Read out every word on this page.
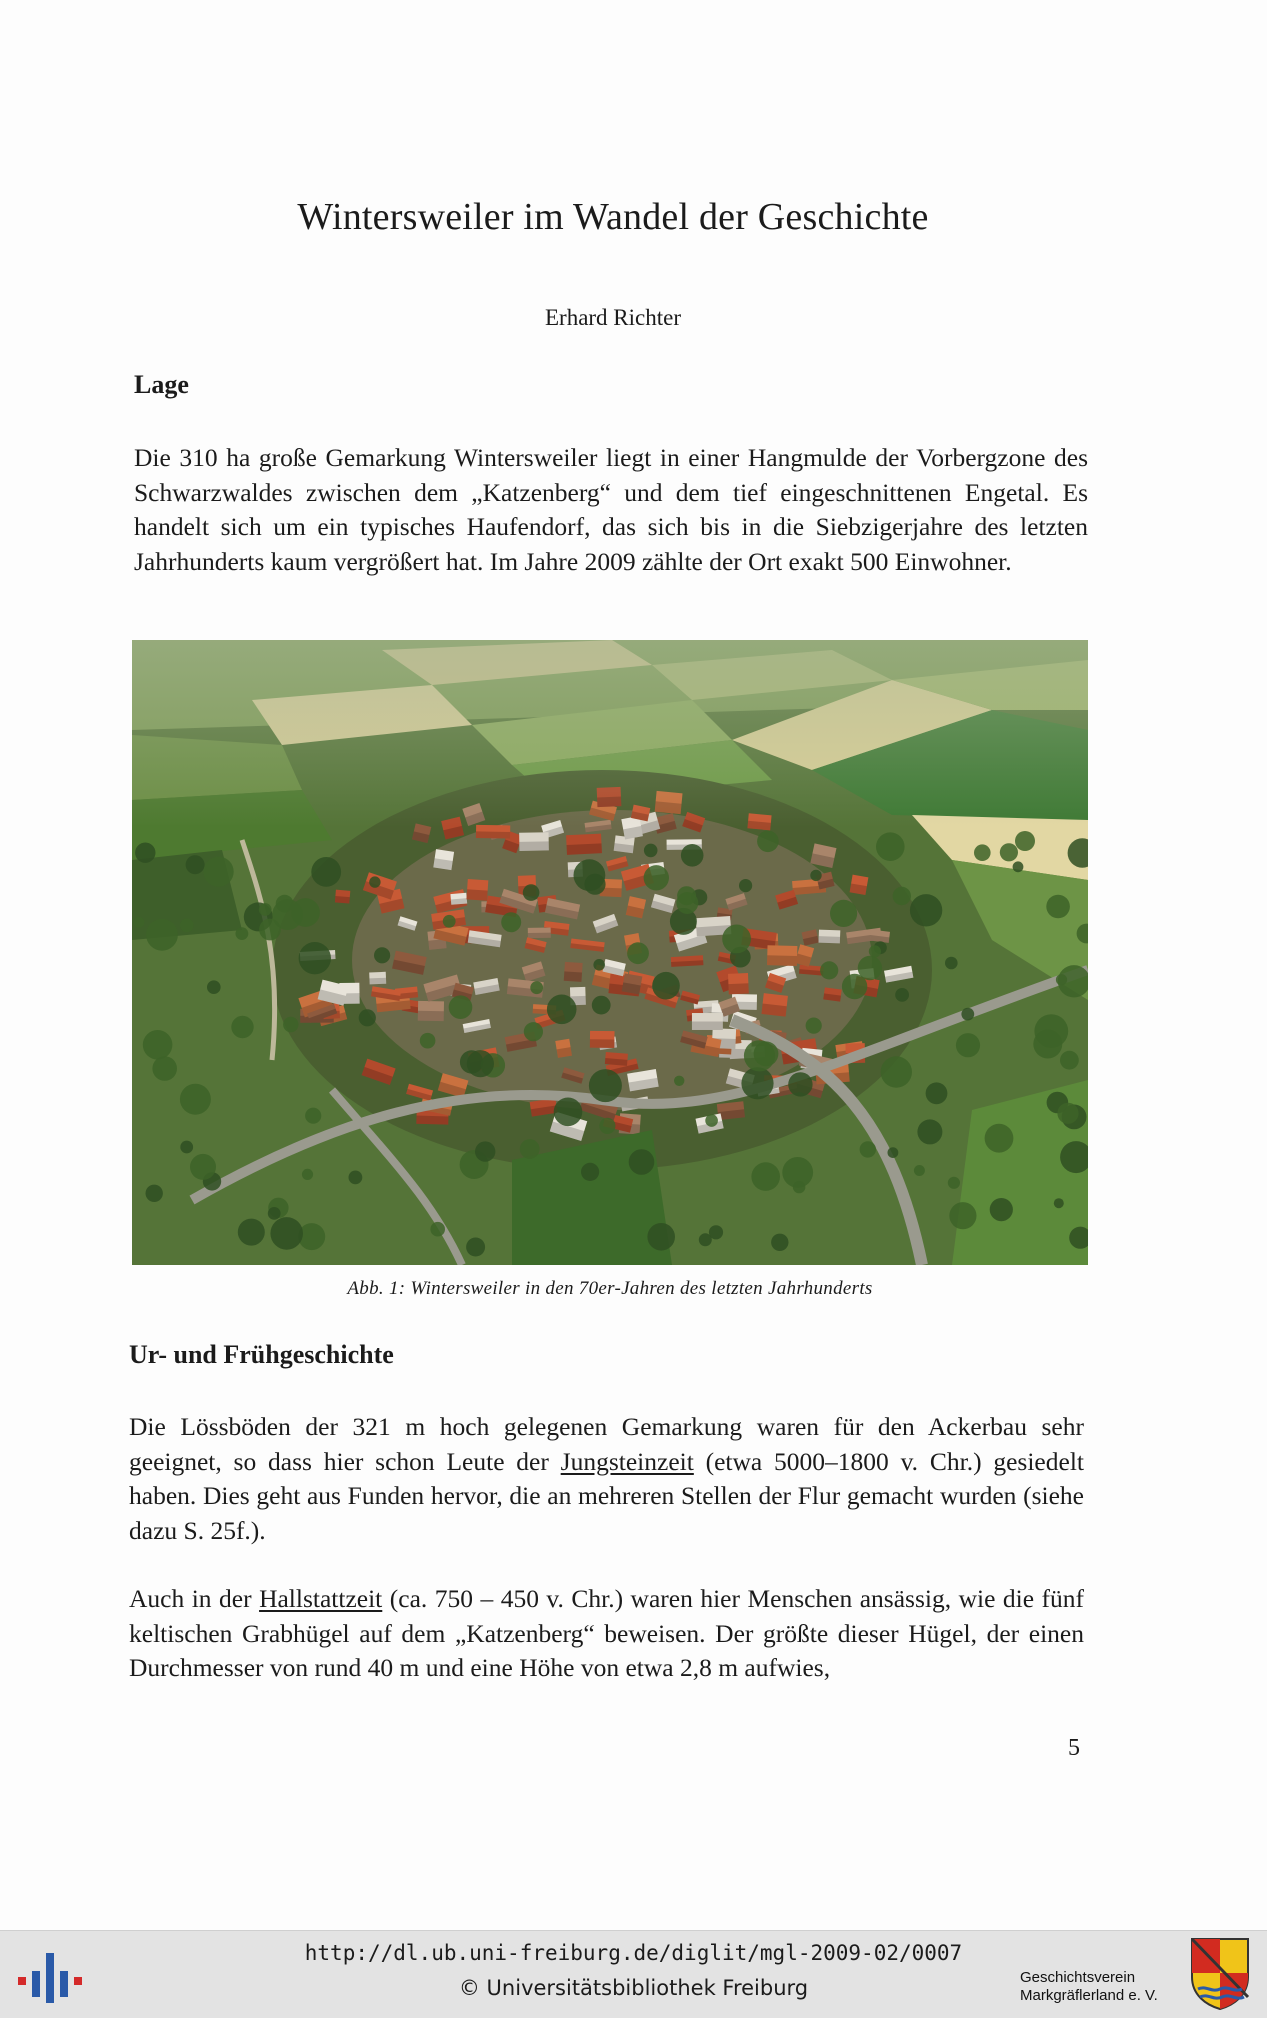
Wintersweiler im Wandel der Geschichte
Erhard Richter
Lage

Die 310 ha große Gemarkung Wintersweiler liegt in einer Hangmulde der Vorbergzone des Schwarzwaldes zwischen dem „Katzenberg“ und dem tief eingeschnittenen Engetal. Es handelt sich um ein typisches Haufendorf, das sich bis in die Siebzigerjahre des letzten Jahrhunderts kaum vergrößert hat. Im Jahre 2009 zählte der Ort exakt 500 Einwohner.

Abb. 1: Wintersweiler in den 70er-Jahren des letzten Jahrhunderts
Ur- und Frühgeschichte

Die Lössböden der 321 m hoch gelegenen Gemarkung waren für den Ackerbau sehr geeignet, so dass hier schon Leute der Jungsteinzeit (etwa 5000–1800 v. Chr.) gesiedelt haben. Dies geht aus Funden hervor, die an mehreren Stellen der Flur gemacht wurden (siehe dazu S. 25f.).

Auch in der Hallstattzeit (ca. 750 – 450 v. Chr.) waren hier Menschen ansässig, wie die fünf keltischen Grabhügel auf dem „Katzenberg“ beweisen. Der größte dieser Hügel, der einen Durchmesser von rund 40 m und eine Höhe von etwa 2,8 m aufwies,

5
http://dl.ub.uni-freiburg.de/diglit/mgl-2009-02/0007
© Universitätsbibliothek Freiburg	Geschichtsverein
Markgräflerland e. V.
